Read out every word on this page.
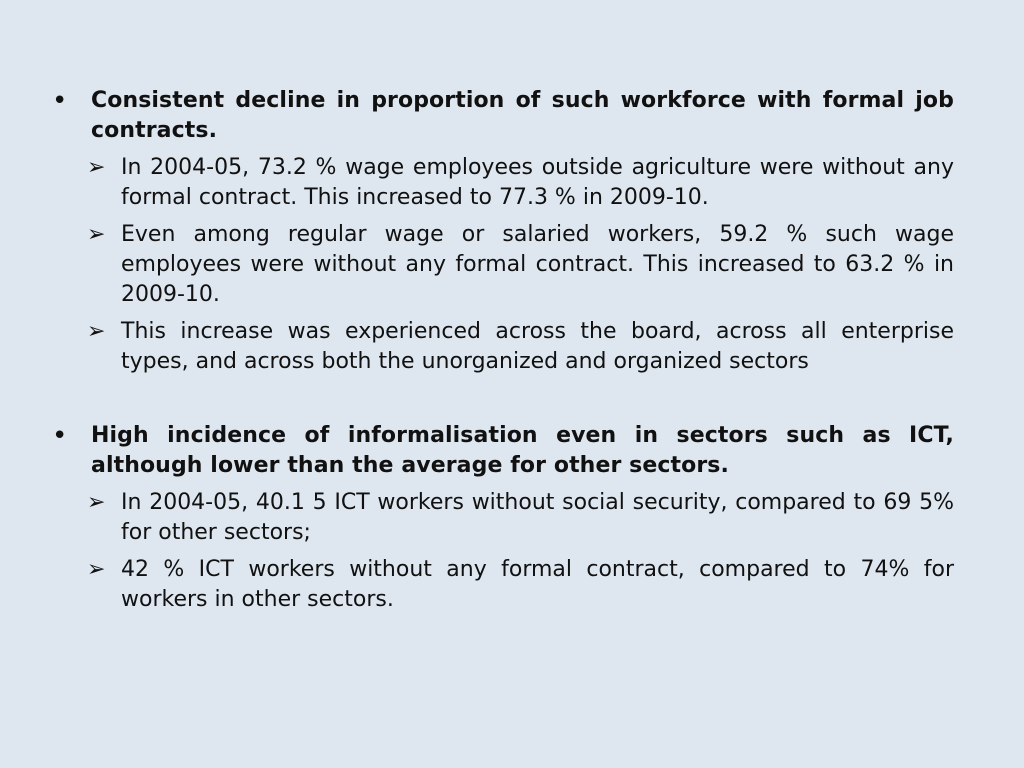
•	Consistent decline in proportion of such workforce with formal job contracts.

➢ In 2004-05, 73.2 % wage employees outside agriculture were without any formal contract. This increased to 77.3 % in 2009-10.
➢ Even among regular wage or salaried workers, 59.2 % such wage employees were without any formal contract. This increased to 63.2 % in 2009-10.
➢ This increase was experienced across the board, across all enterprise types, and across both the unorganized and organized sectors
•	High incidence of informalisation even in sectors such as ICT, although lower than the average for other sectors.

➢ In 2004-05, 40.1 5 ICT workers without social security, compared to 69 5% for other sectors;
➢ 42 % ICT workers without any formal contract, compared to 74% for workers in other sectors.
